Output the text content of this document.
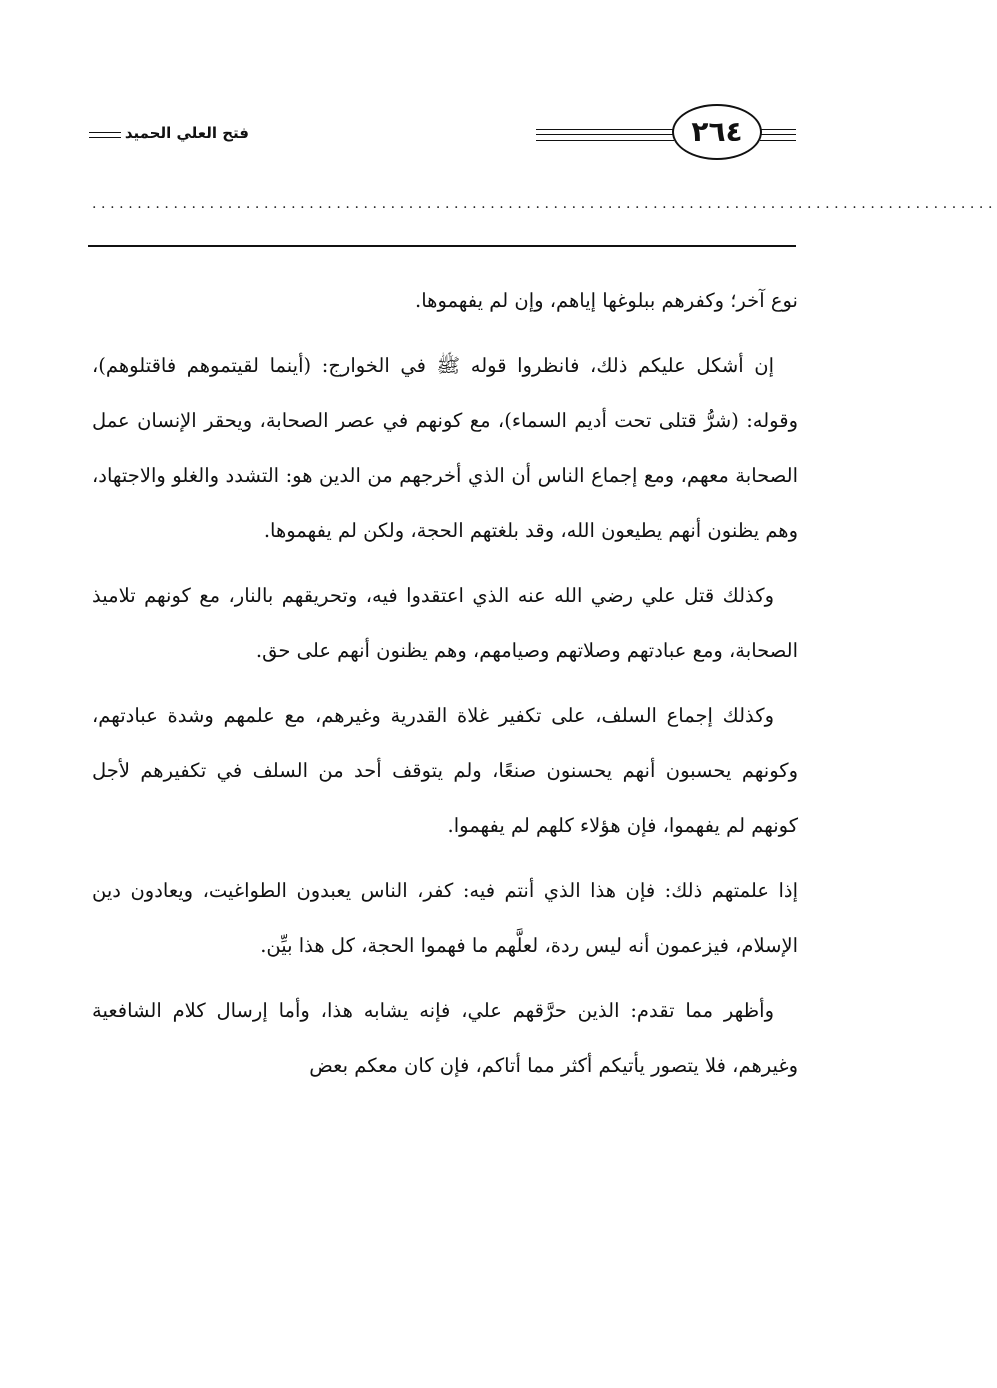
فتح العلي الحميد	٢٦٤
....................................................................................................

نوع آخر؛ وكفرهم ببلوغها إياهم، وإن لم يفهموها.

إن أشكل عليكم ذلك، فانظروا قوله ﷺ في الخوارج: (أينما لقيتموهم فاقتلوهم)، وقوله: (شرُّ قتلى تحت أديم السماء)، مع كونهم في عصر الصحابة، ويحقر الإنسان عمل الصحابة معهم، ومع إجماع الناس أن الذي أخرجهم من الدين هو: التشدد والغلو والاجتهاد، وهم يظنون أنهم يطيعون الله، وقد بلغتهم الحجة، ولكن لم يفهموها.

وكذلك قتل علي رضي الله عنه الذي اعتقدوا فيه، وتحريقهم بالنار، مع كونهم تلاميذ الصحابة، ومع عبادتهم وصلاتهم وصيامهم، وهم يظنون أنهم على حق.

وكذلك إجماع السلف، على تكفير غلاة القدرية وغيرهم، مع علمهم وشدة عبادتهم، وكونهم يحسبون أنهم يحسنون صنعًا، ولم يتوقف أحد من السلف في تكفيرهم لأجل كونهم لم يفهموا، فإن هؤلاء كلهم لم يفهموا.

إذا علمتهم ذلك: فإن هذا الذي أنتم فيه: كفر، الناس يعبدون الطواغيت، ويعادون دين الإسلام، فيزعمون أنه ليس ردة، لعلَّهم ما فهموا الحجة، كل هذا بيِّن.

وأظهر مما تقدم: الذين حرَّقهم علي، فإنه يشابه هذا، وأما إرسال كلام الشافعية وغيرهم، فلا يتصور يأتيكم أكثر مما أتاكم، فإن كان معكم بعض
